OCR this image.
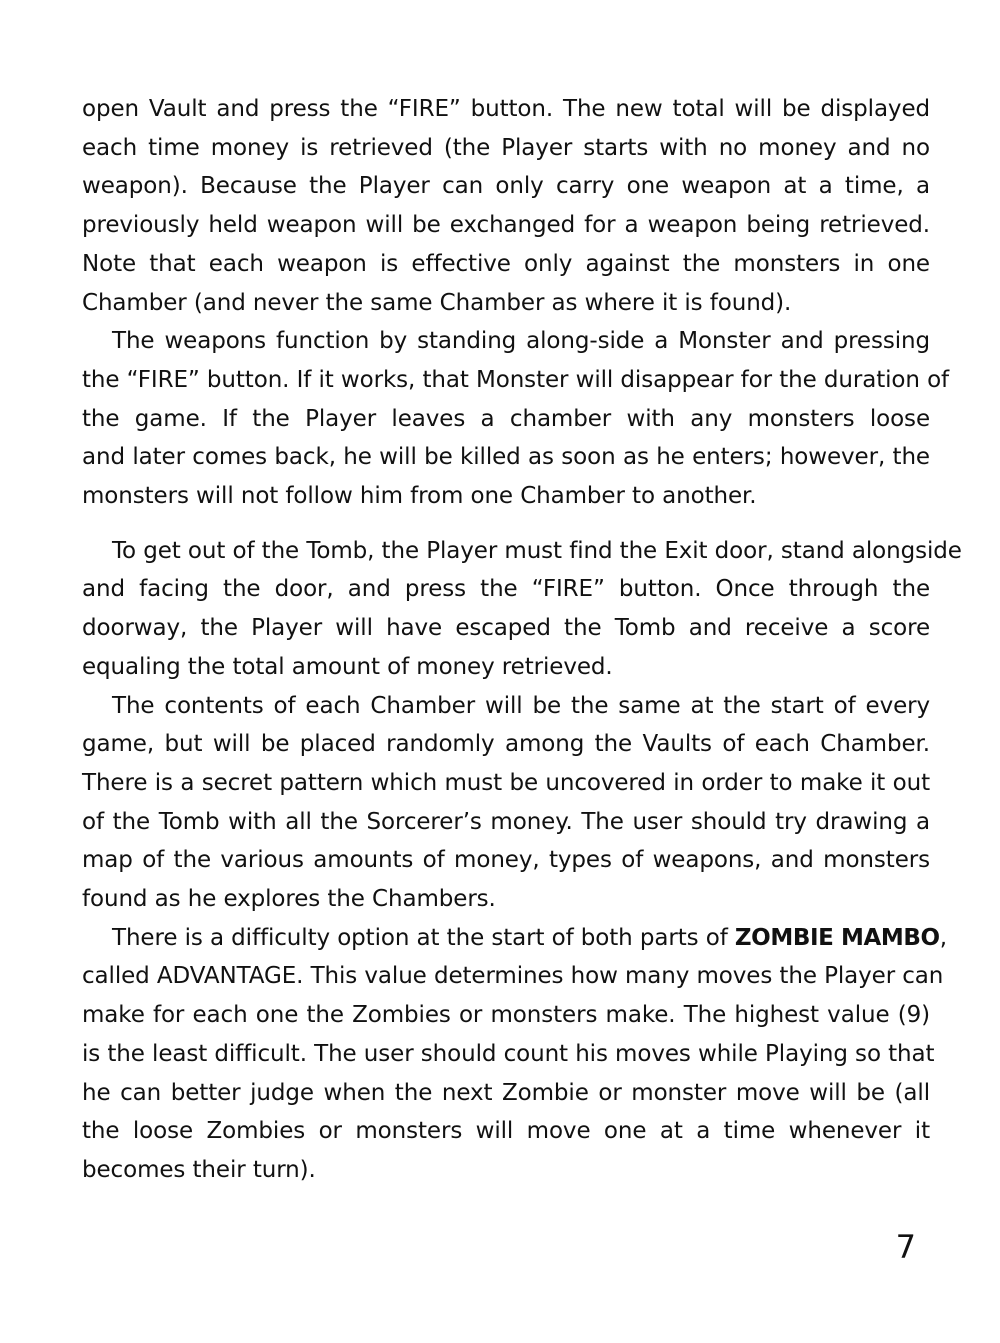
open Vault and press the “FIRE” button. The new total will be displayed
each time money is retrieved (the Player starts with no money and no
weapon). Because the Player can only carry one weapon at a time, a
previously held weapon will be exchanged for a weapon being retrieved.
Note that each weapon is effective only against the monsters in one
Chamber (and never the same Chamber as where it is found).

The weapons function by standing along-side a Monster and pressing
the “FIRE” button. If it works, that Monster will disappear for the duration of
the game. If the Player leaves a chamber with any monsters loose
and later comes back, he will be killed as soon as he enters; however, the
monsters will not follow him from one Chamber to another.

To get out of the Tomb, the Player must find the Exit door, stand alongside
and facing the door, and press the “FIRE” button. Once through the
doorway, the Player will have escaped the Tomb and receive a score
equaling the total amount of money retrieved.

The contents of each Chamber will be the same at the start of every
game, but will be placed randomly among the Vaults of each Chamber.
There is a secret pattern which must be uncovered in order to make it out
of the Tomb with all the Sorcerer’s money. The user should try drawing a
map of the various amounts of money, types of weapons, and monsters
found as he explores the Chambers.

There is a difficulty option at the start of both parts of ZOMBIE MAMBO,
called ADVANTAGE. This value determines how many moves the Player can
make for each one the Zombies or monsters make. The highest value (9)
is the least difficult. The user should count his moves while Playing so that
he can better judge when the next Zombie or monster move will be (all
the loose Zombies or monsters will move one at a time whenever it
becomes their turn).

7
